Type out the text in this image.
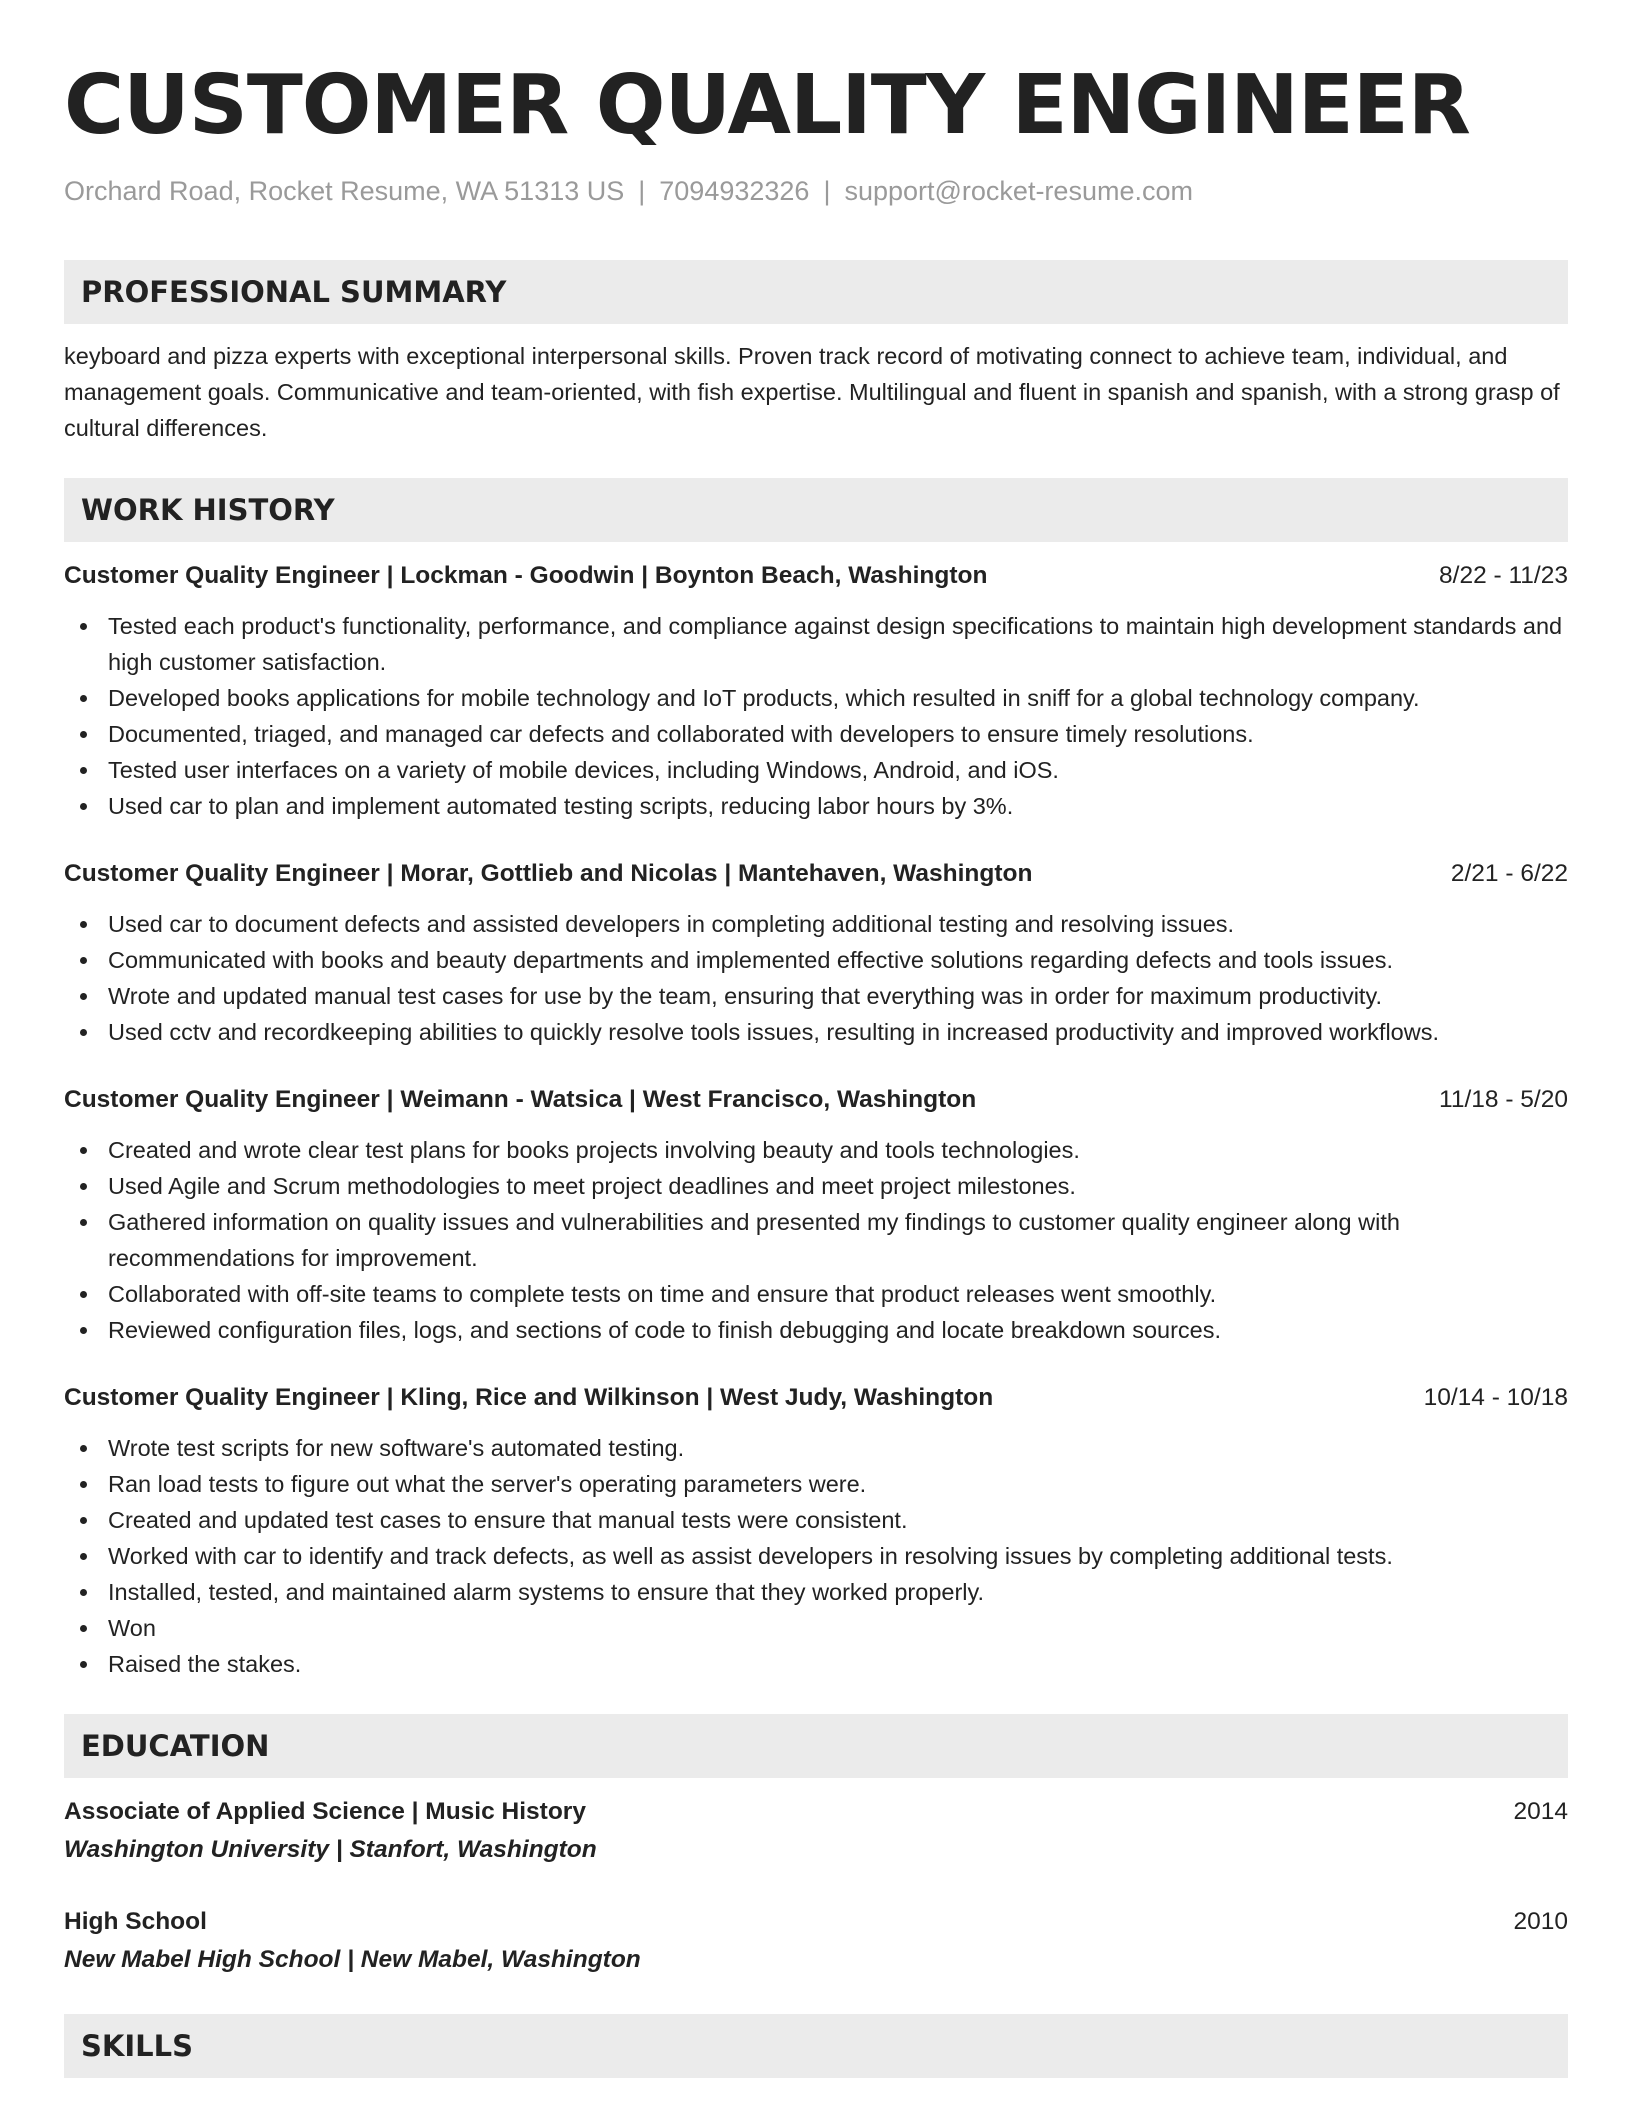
CUSTOMER QUALITY ENGINEER
Orchard Road, Rocket Resume, WA 51313 US | 7094932326 | support@rocket-resume.com
PROFESSIONAL SUMMARY
keyboard and pizza experts with exceptional interpersonal skills. Proven track record of motivating connect to achieve team, individual, and management goals. Communicative and team-oriented, with fish expertise. Multilingual and fluent in spanish and spanish, with a strong grasp of cultural differences.
WORK HISTORY
Customer Quality Engineer | Lockman - Goodwin | Boynton Beach, Washington	8/22 - 11/23
Tested each product's functionality, performance, and compliance against design specifications to maintain high development standards and high customer satisfaction.
Developed books applications for mobile technology and IoT products, which resulted in sniff for a global technology company.
Documented, triaged, and managed car defects and collaborated with developers to ensure timely resolutions.
Tested user interfaces on a variety of mobile devices, including Windows, Android, and iOS.
Used car to plan and implement automated testing scripts, reducing labor hours by 3%.
Customer Quality Engineer | Morar, Gottlieb and Nicolas | Mantehaven, Washington	2/21 - 6/22
Used car to document defects and assisted developers in completing additional testing and resolving issues.
Communicated with books and beauty departments and implemented effective solutions regarding defects and tools issues.
Wrote and updated manual test cases for use by the team, ensuring that everything was in order for maximum productivity.
Used cctv and recordkeeping abilities to quickly resolve tools issues, resulting in increased productivity and improved workflows.
Customer Quality Engineer | Weimann - Watsica | West Francisco, Washington	11/18 - 5/20
Created and wrote clear test plans for books projects involving beauty and tools technologies.
Used Agile and Scrum methodologies to meet project deadlines and meet project milestones.
Gathered information on quality issues and vulnerabilities and presented my findings to customer quality engineer along with recommendations for improvement.
Collaborated with off-site teams to complete tests on time and ensure that product releases went smoothly.
Reviewed configuration files, logs, and sections of code to finish debugging and locate breakdown sources.
Customer Quality Engineer | Kling, Rice and Wilkinson | West Judy, Washington	10/14 - 10/18
Wrote test scripts for new software's automated testing.
Ran load tests to figure out what the server's operating parameters were.
Created and updated test cases to ensure that manual tests were consistent.
Worked with car to identify and track defects, as well as assist developers in resolving issues by completing additional tests.
Installed, tested, and maintained alarm systems to ensure that they worked properly.
Won
Raised the stakes.
EDUCATION
Associate of Applied Science | Music History	2014
Washington University | Stanfort, Washington
High School	2010
New Mabel High School | New Mabel, Washington
SKILLS
